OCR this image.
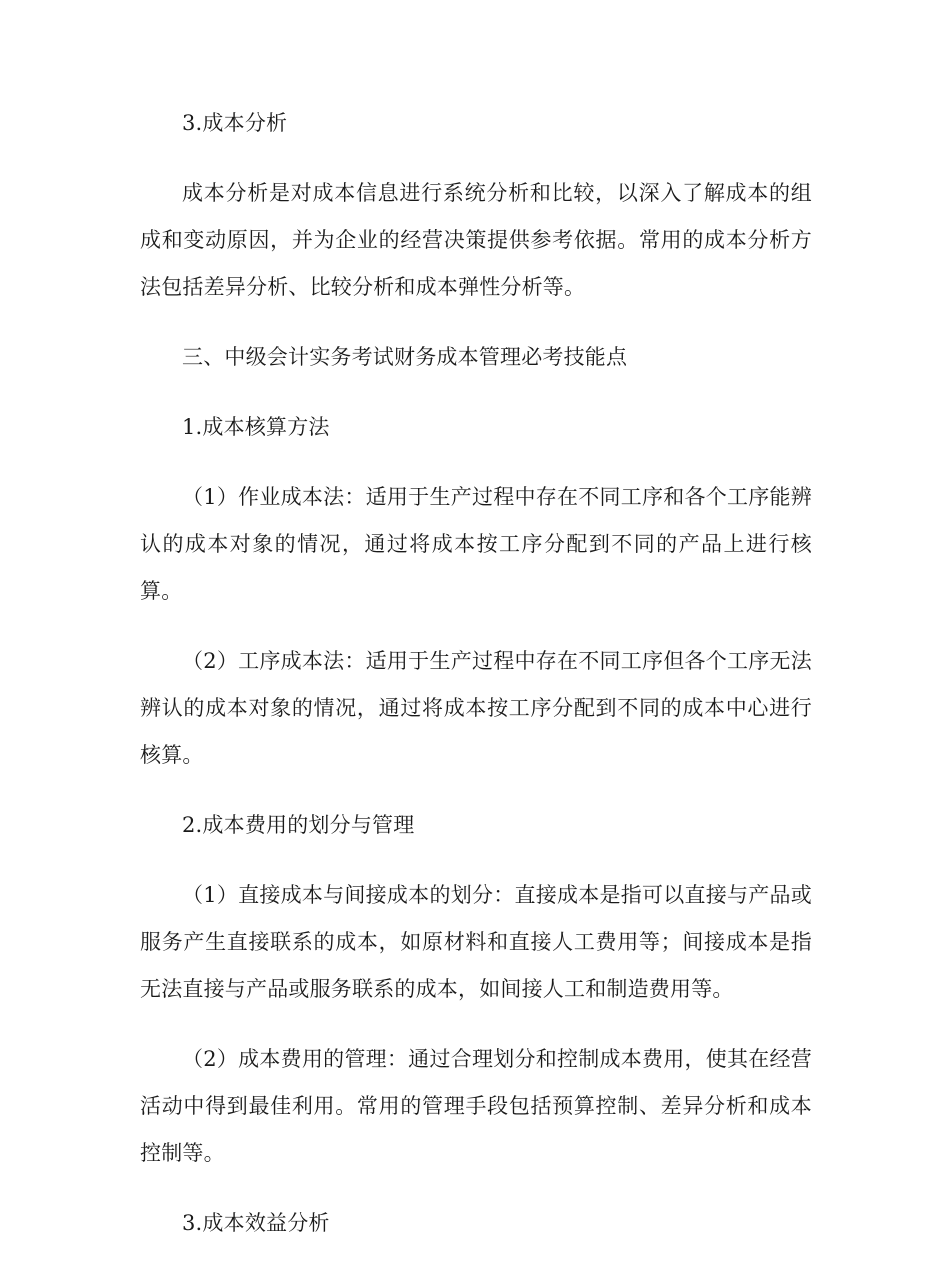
3.成本分析

成本分析是对成本信息进行系统分析和比较，以深入了解成本的组成和变动原因，并为企业的经营决策提供参考依据。常用的成本分析方法包括差异分析、比较分析和成本弹性分析等。

三、中级会计实务考试财务成本管理必考技能点

1.成本核算方法

（1）作业成本法：适用于生产过程中存在不同工序和各个工序能辨认的成本对象的情况，通过将成本按工序分配到不同的产品上进行核算。

（2）工序成本法：适用于生产过程中存在不同工序但各个工序无法辨认的成本对象的情况，通过将成本按工序分配到不同的成本中心进行核算。

2.成本费用的划分与管理

（1）直接成本与间接成本的划分：直接成本是指可以直接与产品或服务产生直接联系的成本，如原材料和直接人工费用等；间接成本是指无法直接与产品或服务联系的成本，如间接人工和制造费用等。

（2）成本费用的管理：通过合理划分和控制成本费用，使其在经营活动中得到最佳利用。常用的管理手段包括预算控制、差异分析和成本控制等。

3.成本效益分析
